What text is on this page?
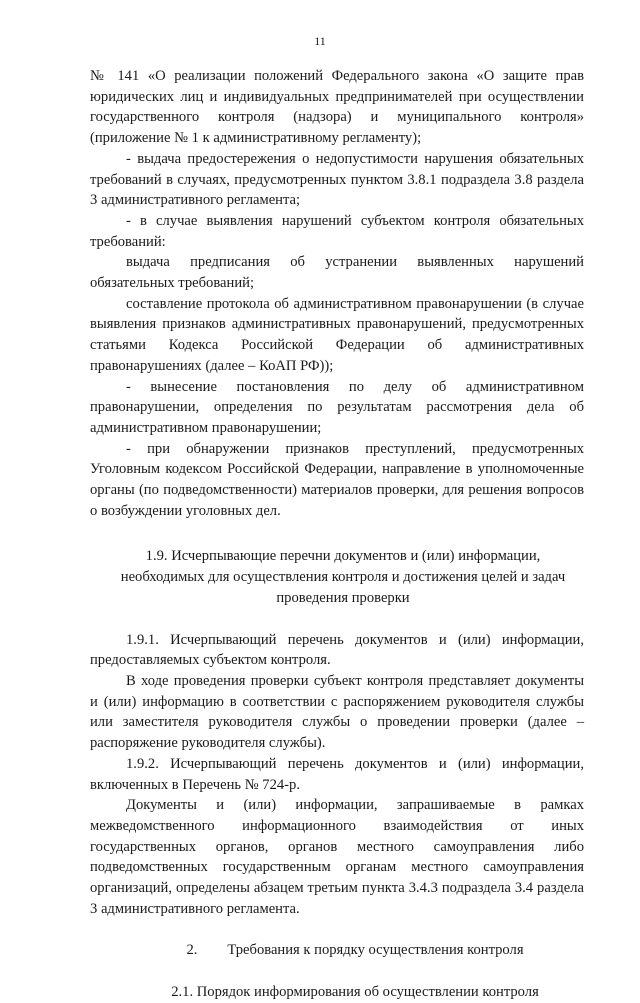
11

№ 141 «О реализации положений Федерального закона «О защите прав юридических лиц и индивидуальных предпринимателей при осуществлении государственного контроля (надзора) и муниципального контроля» (приложение № 1 к административному регламенту);

- выдача предостережения о недопустимости нарушения обязательных требований в случаях, предусмотренных пунктом 3.8.1 подраздела 3.8 раздела 3 административного регламента;

- в случае выявления нарушений субъектом контроля обязательных требований:

выдача предписания об устранении выявленных нарушений обязательных требований;

составление протокола об административном правонарушении (в случае выявления признаков административных правонарушений, предусмотренных статьями Кодекса Российской Федерации об административных правонарушениях (далее – КоАП РФ));

- вынесение постановления по делу об административном правонарушении, определения по результатам рассмотрения дела об административном правонарушении;

- при обнаружении признаков преступлений, предусмотренных Уголовным кодексом Российской Федерации, направление в уполномоченные органы (по подведомственности) материалов проверки, для решения вопросов о возбуждении уголовных дел.

1.9. Исчерпывающие перечни документов и (или) информации, необходимых для осуществления контроля и достижения целей и задач проведения проверки

1.9.1. Исчерпывающий перечень документов и (или) информации, предоставляемых субъектом контроля.

В ходе проведения проверки субъект контроля представляет документы и (или) информацию в соответствии с распоряжением руководителя службы или заместителя руководителя службы о проведении проверки (далее – распоряжение руководителя службы).

1.9.2. Исчерпывающий перечень документов и (или) информации, включенных в Перечень № 724-р.

Документы и (или) информации, запрашиваемые в рамках межведомственного информационного взаимодействия от иных государственных органов, органов местного самоуправления либо подведомственных государственным органам местного самоуправления организаций, определены абзацем третьим пункта 3.4.3 подраздела 3.4 раздела 3 административного регламента.

2. Требования к порядку осуществления контроля
2.1. Порядок информирования об осуществлении контроля
